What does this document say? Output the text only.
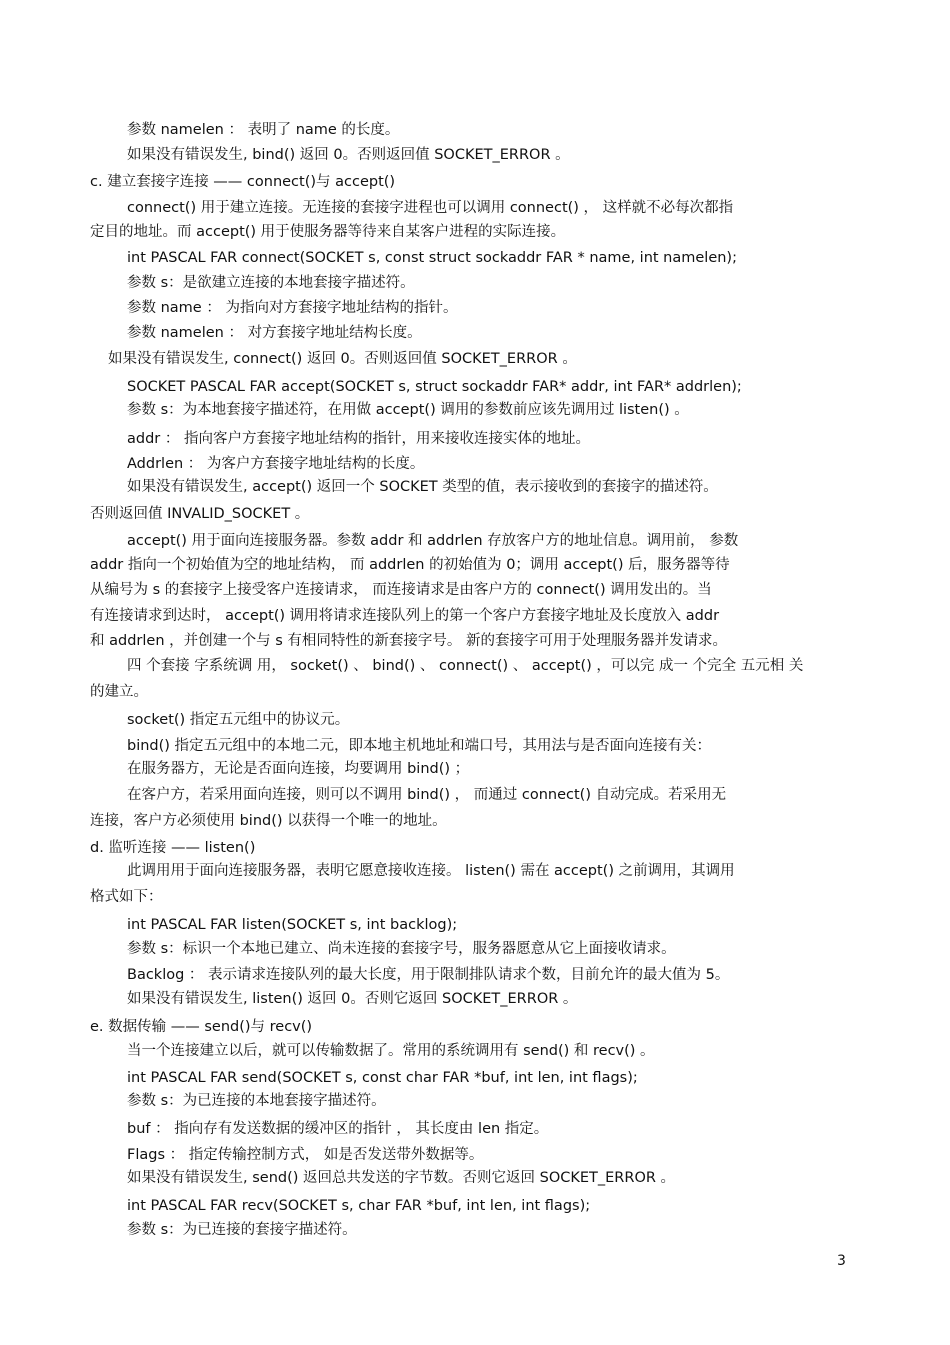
参数 namelen ： 表明了 name 的长度。
如果没有错误发生, bind() 返回 0。否则返回值 SOCKET_ERROR 。
c. 建立套接字连接 —— connect()与 accept()
connect() 用于建立连接。无连接的套接字进程也可以调用 connect() ， 这样就不必每次都指
定目的地址。而 accept() 用于使服务器等待来自某客户进程的实际连接。
int PASCAL FAR connect(SOCKET s, const struct sockaddr FAR * name, int namelen);
参数 s：是欲建立连接的本地套接字描述符。
参数 name ： 为指向对方套接字地址结构的指针。
参数 namelen ： 对方套接字地址结构长度。
如果没有错误发生, connect() 返回 0。否则返回值 SOCKET_ERROR 。
SOCKET PASCAL FAR accept(SOCKET s, struct sockaddr FAR* addr, int FAR* addrlen);
参数 s：为本地套接字描述符，在用做 accept() 调用的参数前应该先调用过 listen() 。
addr ： 指向客户方套接字地址结构的指针，用来接收连接实体的地址。
Addrlen ： 为客户方套接字地址结构的长度。
如果没有错误发生, accept() 返回一个 SOCKET 类型的值，表示接收到的套接字的描述符。
否则返回值 INVALID_SOCKET 。
accept() 用于面向连接服务器。参数 addr 和 addrlen 存放客户方的地址信息。调用前， 参数
addr 指向一个初始值为空的地址结构， 而 addrlen 的初始值为 0；调用 accept() 后，服务器等待
从编号为 s 的套接字上接受客户连接请求， 而连接请求是由客户方的 connect() 调用发出的。当
有连接请求到达时， accept() 调用将请求连接队列上的第一个客户方套接字地址及长度放入 addr
和 addrlen ，并创建一个与 s 有相同特性的新套接字号。 新的套接字可用于处理服务器并发请求。
四 个套接 字系统调 用， socket() 、 bind() 、 connect() 、 accept() ，可以完 成一 个完全 五元相 关
的建立。
socket() 指定五元组中的协议元。
bind() 指定五元组中的本地二元，即本地主机地址和端口号，其用法与是否面向连接有关：
在服务器方，无论是否面向连接，均要调用 bind() ；
在客户方，若采用面向连接，则可以不调用 bind() ， 而通过 connect() 自动完成。若采用无
连接，客户方必须使用 bind() 以获得一个唯一的地址。
d. 监听连接 —— listen()
此调用用于面向连接服务器，表明它愿意接收连接。 listen() 需在 accept() 之前调用，其调用
格式如下：
int PASCAL FAR listen(SOCKET s, int backlog);
参数 s：标识一个本地已建立、尚未连接的套接字号，服务器愿意从它上面接收请求。
Backlog ： 表示请求连接队列的最大长度，用于限制排队请求个数，目前允许的最大值为 5。
如果没有错误发生, listen() 返回 0。否则它返回 SOCKET_ERROR 。
e. 数据传输 —— send()与 recv()
当一个连接建立以后，就可以传输数据了。常用的系统调用有 send() 和 recv() 。
int PASCAL FAR send(SOCKET s, const char FAR *buf, int len, int flags);
参数 s：为已连接的本地套接字描述符。
buf ： 指向存有发送数据的缓冲区的指针 ， 其长度由 len 指定。
Flags ： 指定传输控制方式， 如是否发送带外数据等。
如果没有错误发生, send() 返回总共发送的字节数。否则它返回 SOCKET_ERROR 。
int PASCAL FAR recv(SOCKET s, char FAR *buf, int len, int flags);
参数 s：为已连接的套接字描述符。
3
